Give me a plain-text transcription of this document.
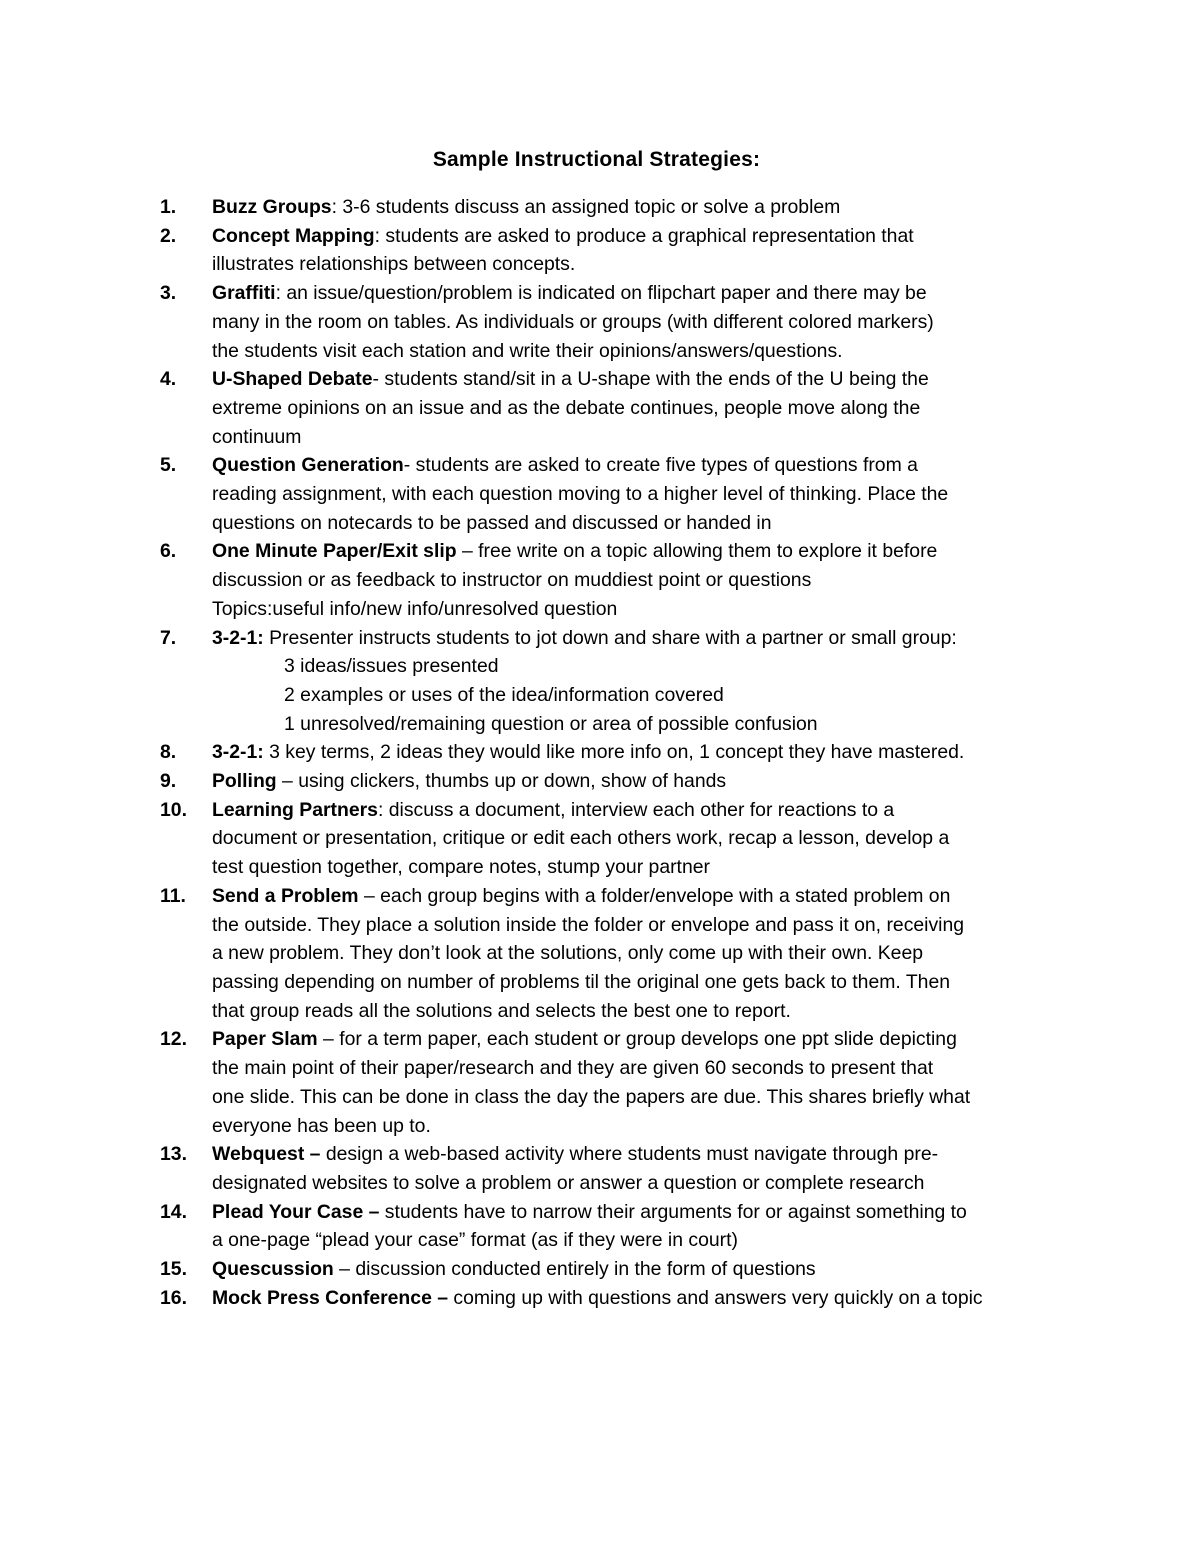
Sample Instructional Strategies:
1.	Buzz Groups: 3-6 students discuss an assigned topic or solve a problem
2.	Concept Mapping: students are asked to produce a graphical representation that
illustrates relationships between concepts.
3.	Graffiti: an issue/question/problem is indicated on flipchart paper and there may be
many in the room on tables. As individuals or groups (with different colored markers)
the students visit each station and write their opinions/answers/questions.
4.	U-Shaped Debate- students stand/sit in a U-shape with the ends of the U being the
extreme opinions on an issue and as the debate continues, people move along the
continuum
5.	Question Generation- students are asked to create five types of questions from a
reading assignment, with each question moving to a higher level of thinking. Place the
questions on notecards to be passed and discussed or handed in
6.	One Minute Paper/Exit slip – free write on a topic allowing them to explore it before
discussion or as feedback to instructor on muddiest point or questions
Topics:useful info/new info/unresolved question
7.	3-2-1: Presenter instructs students to jot down and share with a partner or small group:
3 ideas/issues presented
2 examples or uses of the idea/information covered
1 unresolved/remaining question or area of possible confusion
8.	3-2-1: 3 key terms, 2 ideas they would like more info on, 1 concept they have mastered.
9.	Polling – using clickers, thumbs up or down, show of hands
10.	Learning Partners: discuss a document, interview each other for reactions to a
document or presentation, critique or edit each others work, recap a lesson, develop a
test question together, compare notes, stump your partner
11.	Send a Problem – each group begins with a folder/envelope with a stated problem on
the outside. They place a solution inside the folder or envelope and pass it on, receiving
a new problem. They don’t look at the solutions, only come up with their own. Keep
passing depending on number of problems til the original one gets back to them. Then
that group reads all the solutions and selects the best one to report.
12.	Paper Slam – for a term paper, each student or group develops one ppt slide depicting
the main point of their paper/research and they are given 60 seconds to present that
one slide. This can be done in class the day the papers are due. This shares briefly what
everyone has been up to.
13.	Webquest – design a web-based activity where students must navigate through pre-
designated websites to solve a problem or answer a question or complete research
14.	Plead Your Case – students have to narrow their arguments for or against something to
a one-page “plead your case” format (as if they were in court)
15.	Quescussion – discussion conducted entirely in the form of questions
16.	Mock Press Conference – coming up with questions and answers very quickly on a topic
